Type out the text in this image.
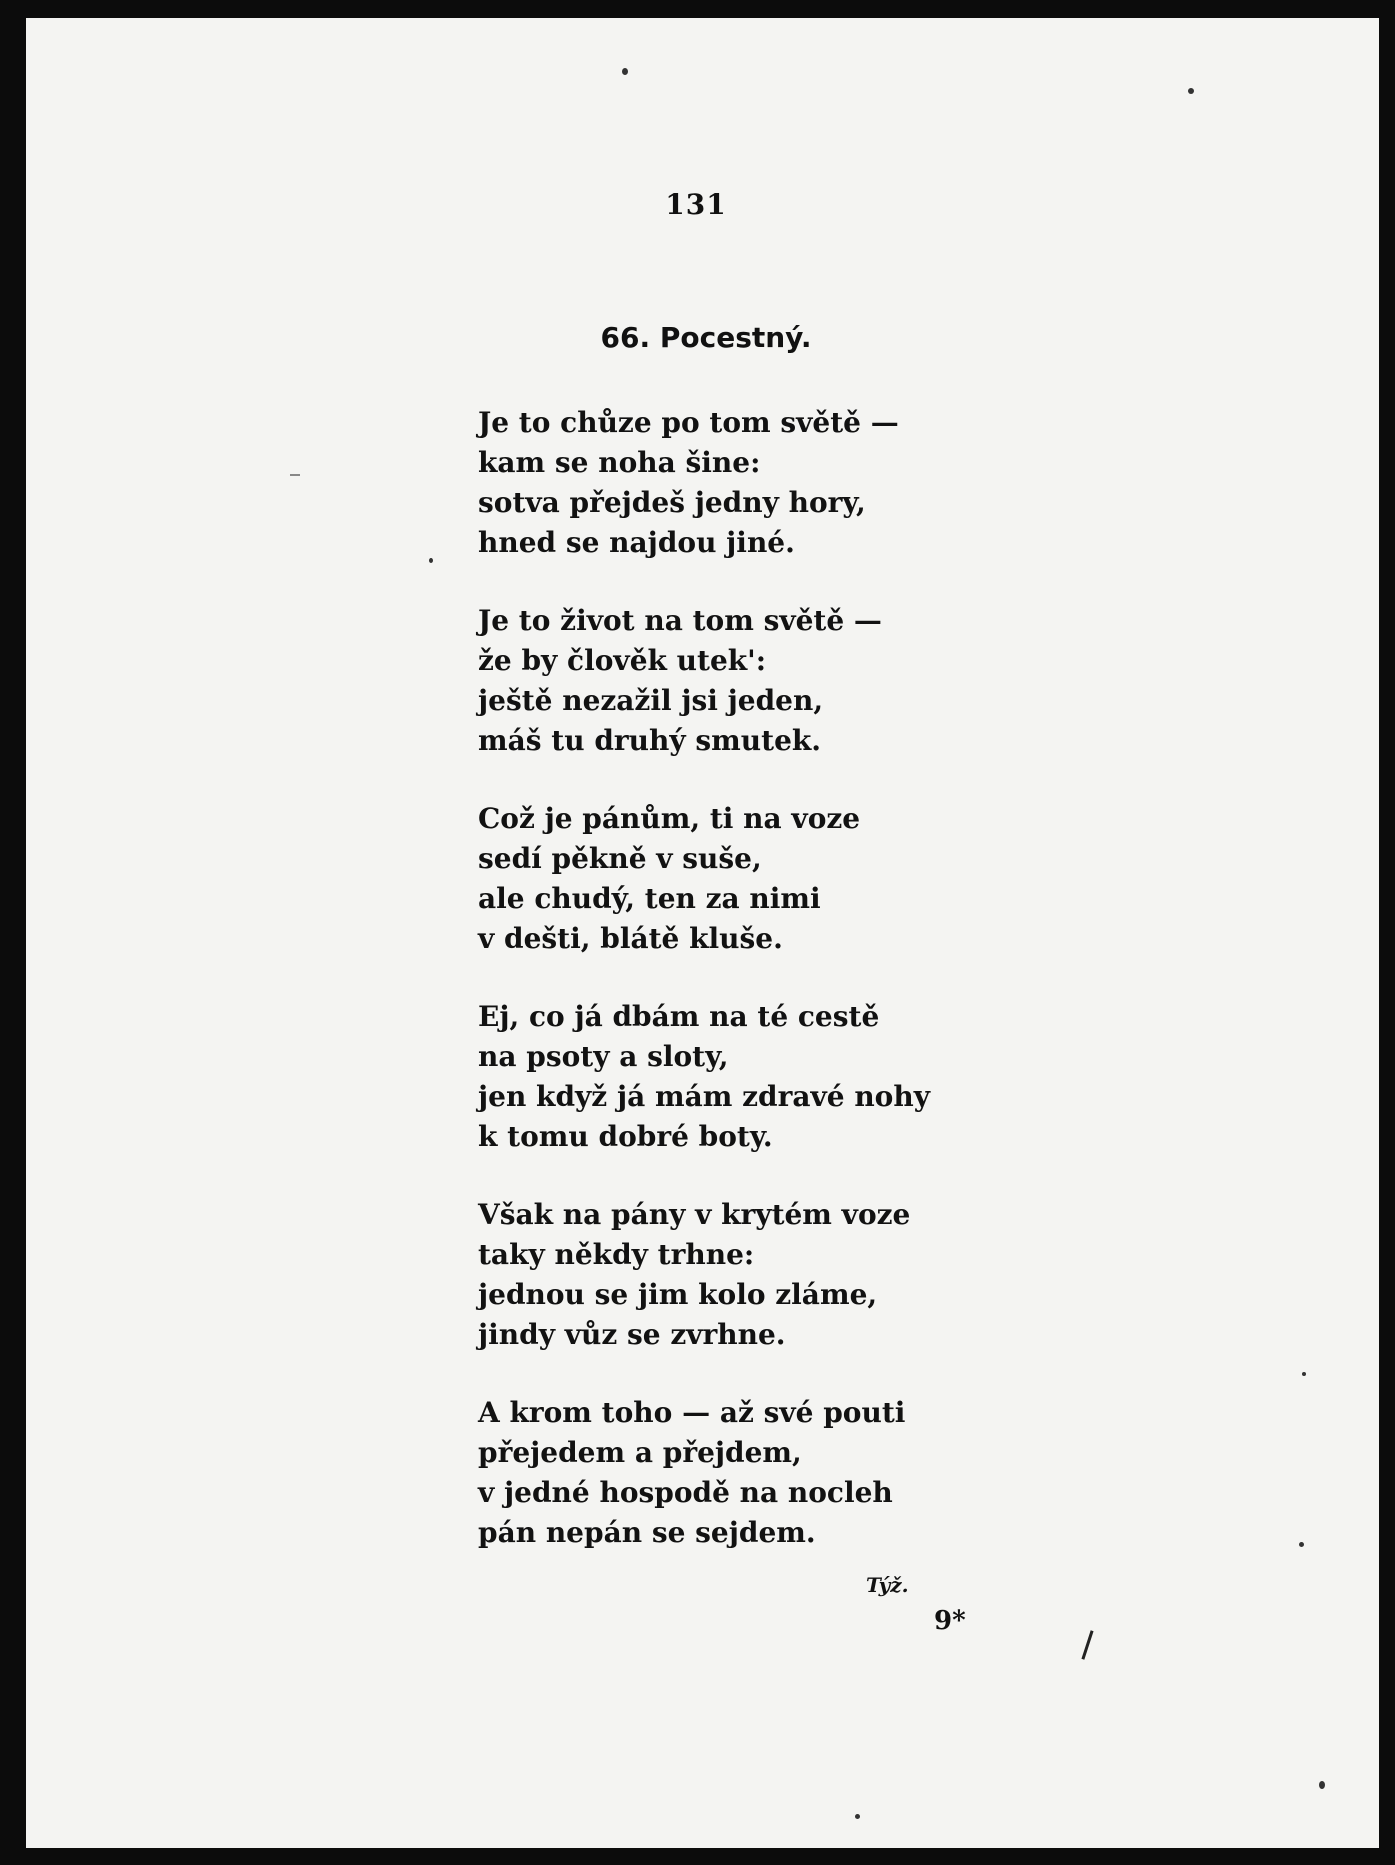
131
66. Pocestný.
Je to chůze po tom světě —
kam se noha šine:
sotva přejdeš jedny hory,
hned se najdou jiné.
Je to život na tom světě —
že by člověk utek':
ještě nezažil jsi jeden,
máš tu druhý smutek.
Což je pánům, ti na voze
sedí pěkně v suše,
ale chudý, ten za nimi
v dešti, blátě kluše.
Ej, co já dbám na té cestě
na psoty a sloty,
jen když já mám zdravé nohy
k tomu dobré boty.
Však na pány v krytém voze
taky někdy trhne:
jednou se jim kolo zláme,
jindy vůz se zvrhne.
A krom toho — až své pouti
přejedem a přejdem,
v jedné hospodě na nocleh
pán nepán se sejdem.
Týž.
9*
